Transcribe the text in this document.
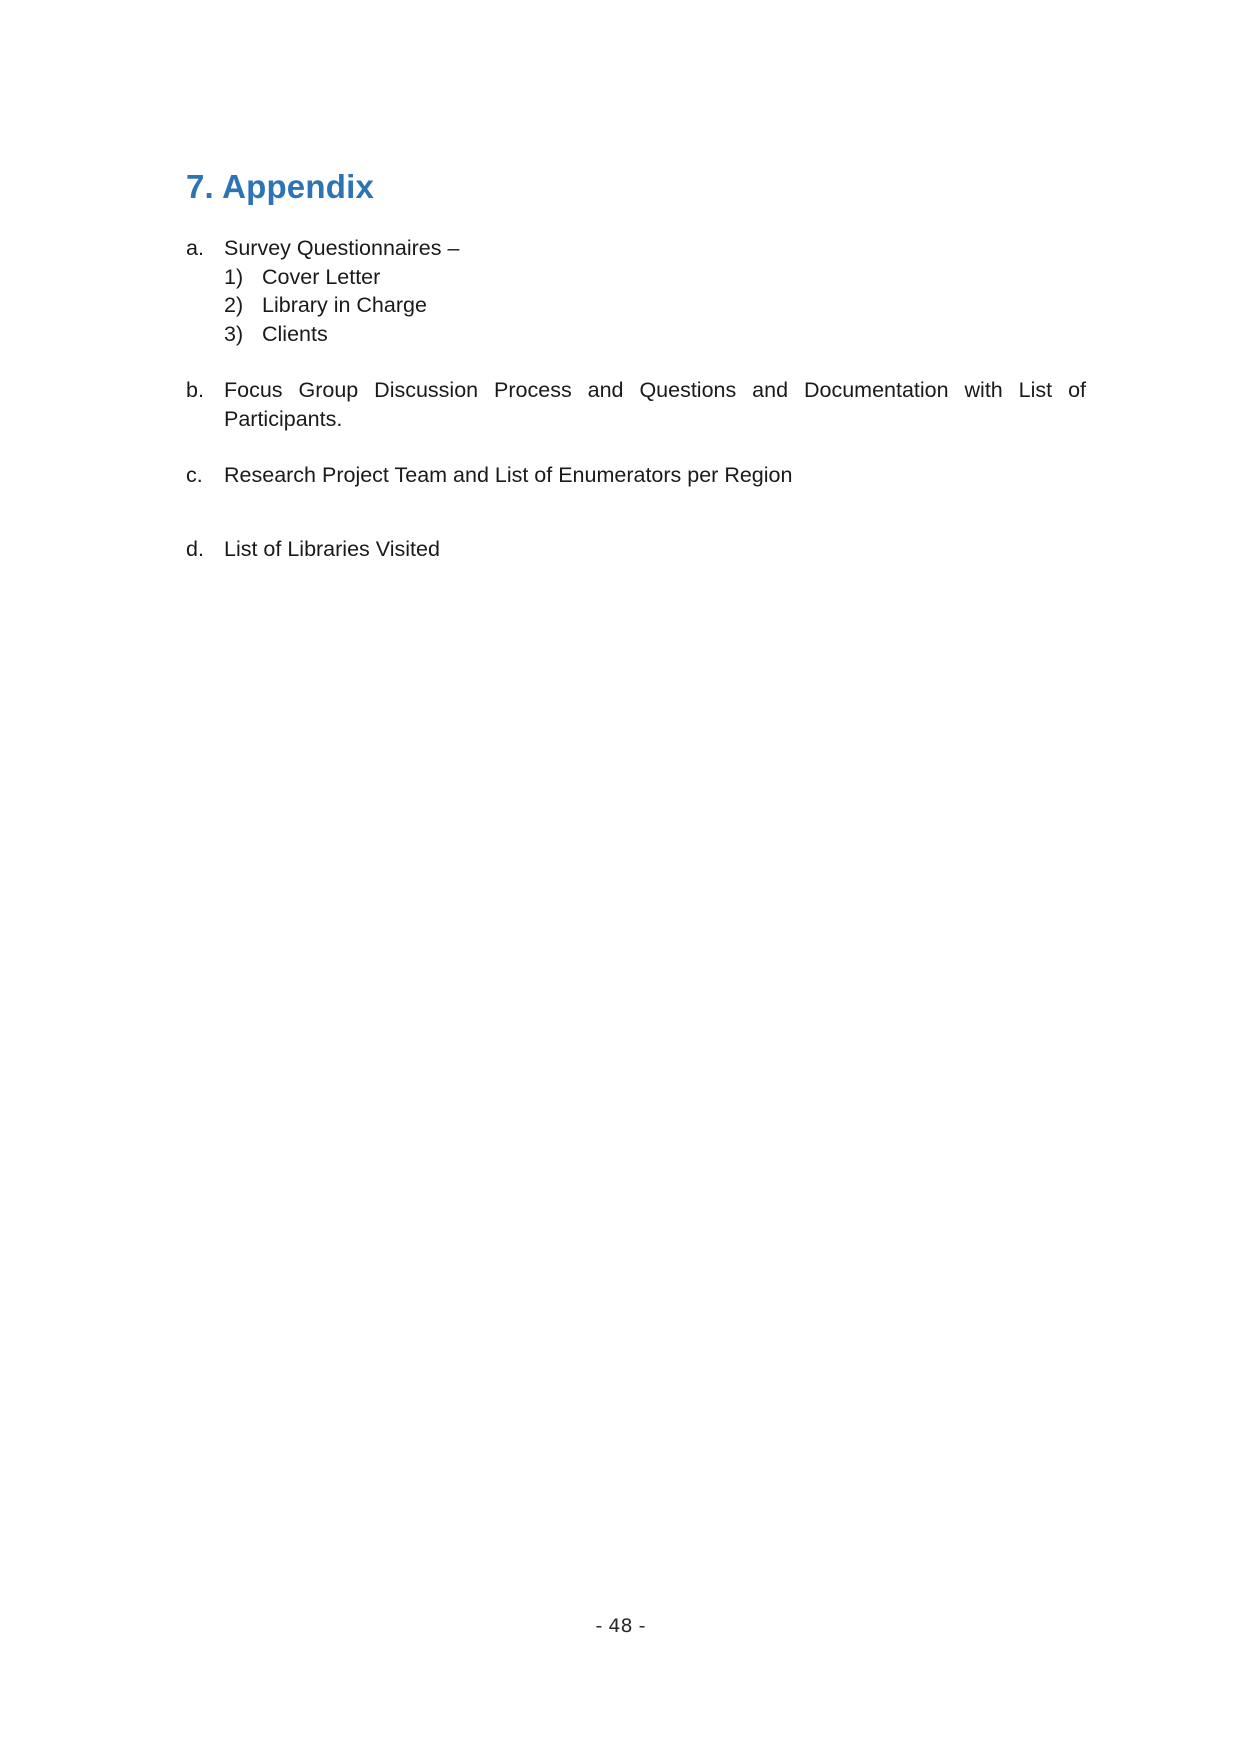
7. Appendix
a. Survey Questionnaires –
1) Cover Letter
2) Library in Charge
3) Clients
b. Focus Group Discussion Process and Questions and Documentation with List of Participants.
c. Research Project Team and List of Enumerators per Region
d. List of Libraries Visited
- 48 -
